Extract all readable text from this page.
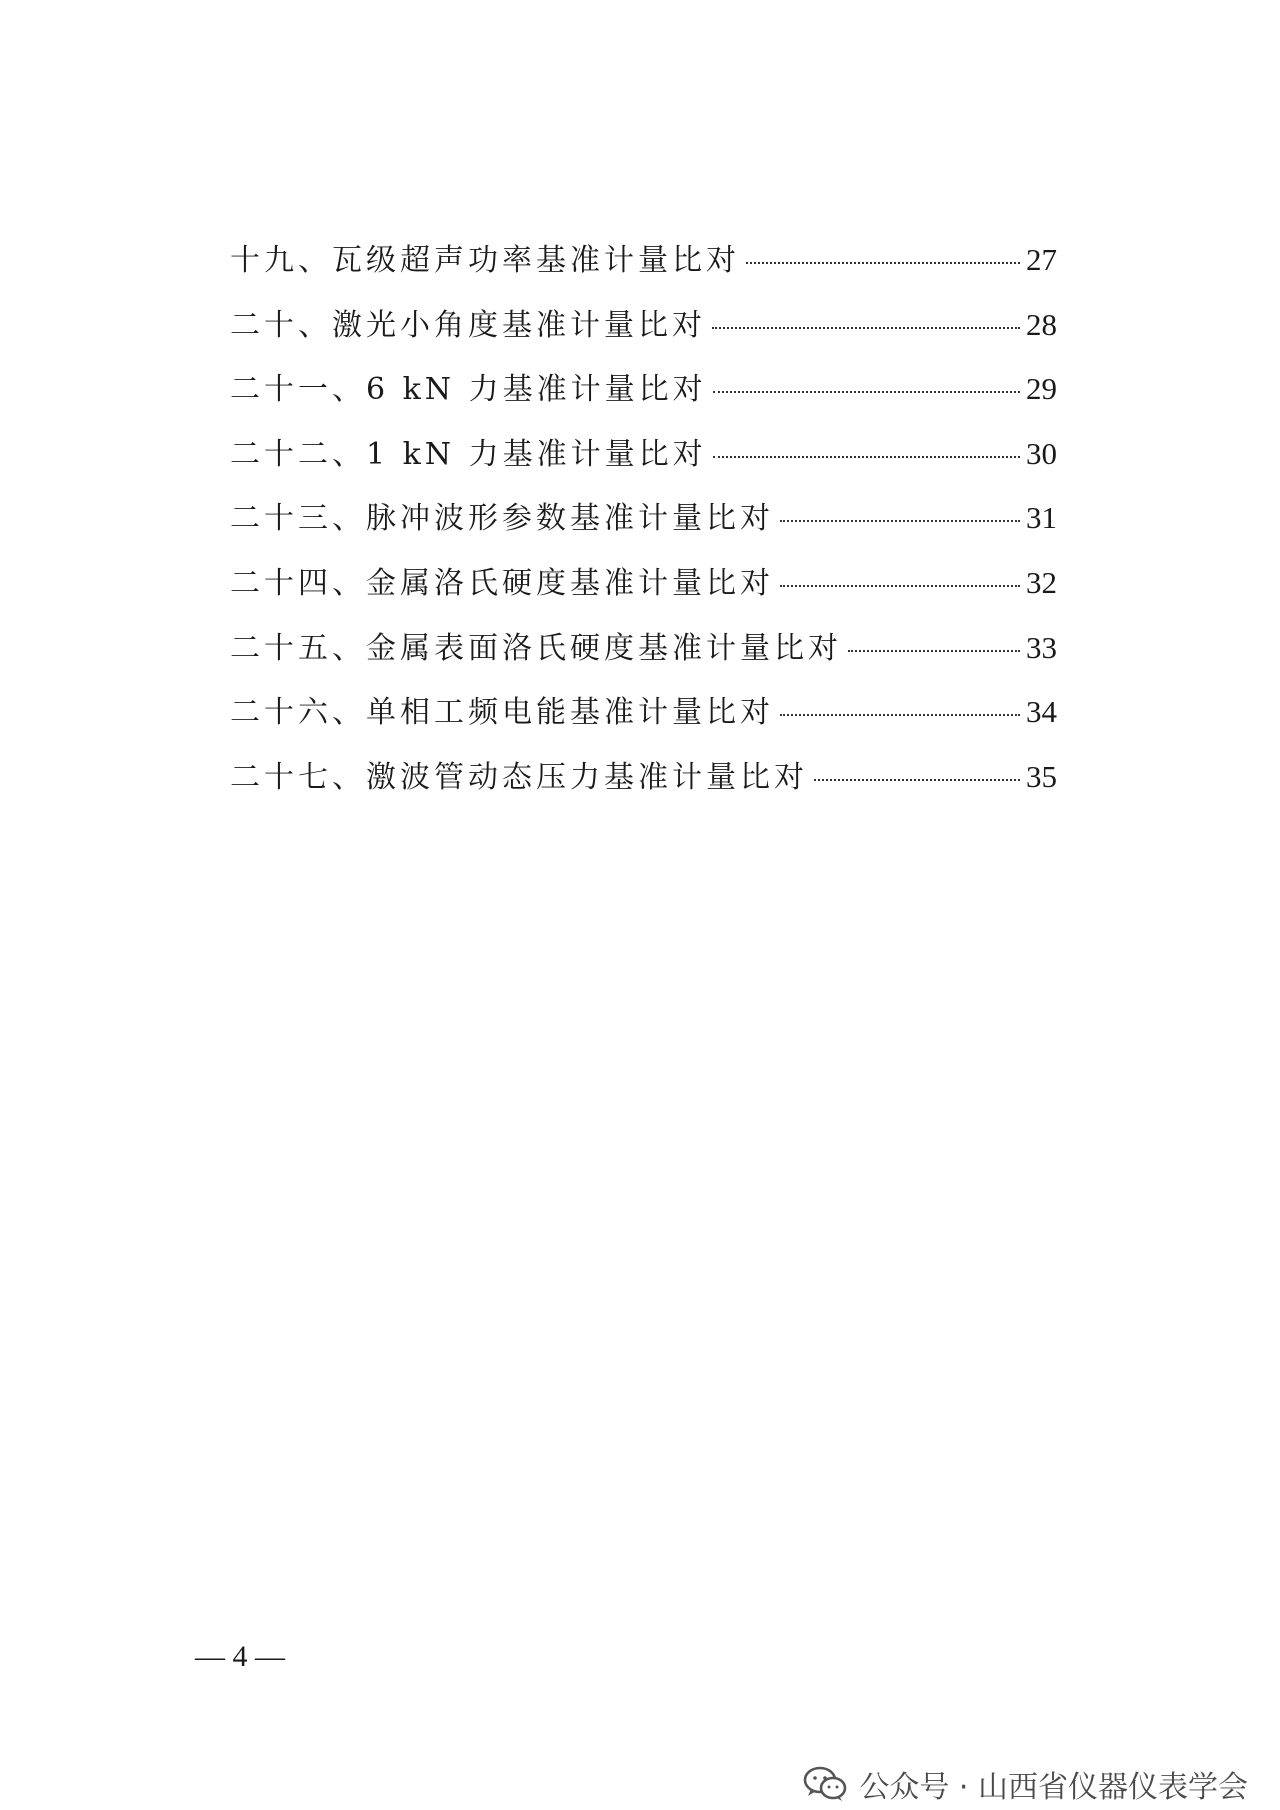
十九、瓦级超声功率基准计量比对	27
二十、激光小角度基准计量比对	28
二十一、6 kN 力基准计量比对	29
二十二、1 kN 力基准计量比对	30
二十三、脉冲波形参数基准计量比对	31
二十四、金属洛氏硬度基准计量比对	32
二十五、金属表面洛氏硬度基准计量比对	33
二十六、单相工频电能基准计量比对	34
二十七、激波管动态压力基准计量比对	35
— 4 —
公众号 · 山西省仪器仪表学会
